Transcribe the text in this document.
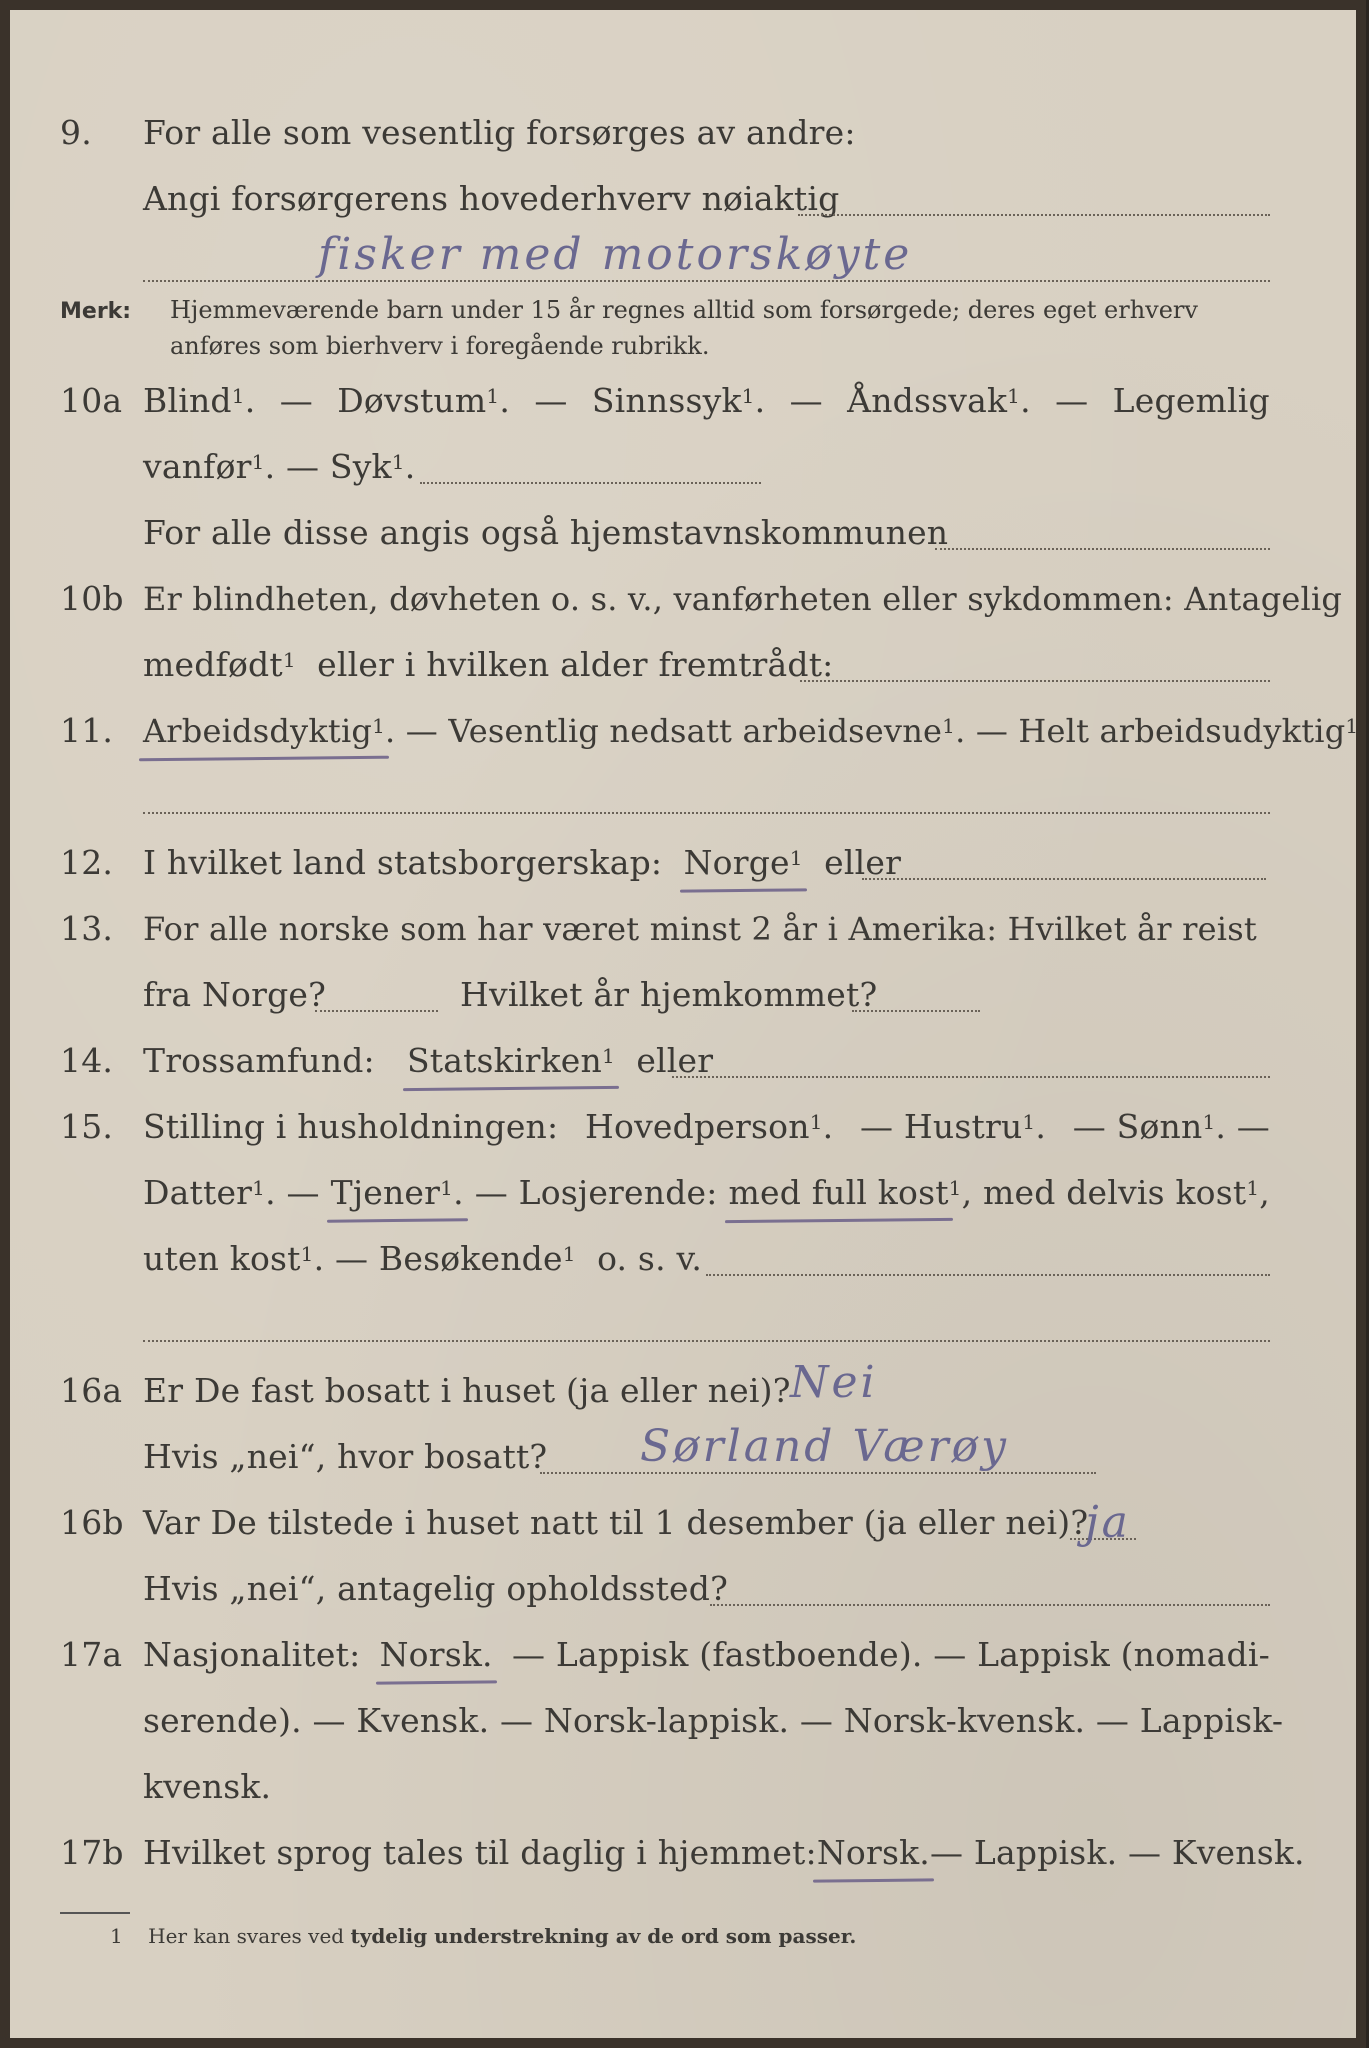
9. For alle som vesentlig forsørges av andre:
Angi forsørgerens hovederhverv nøiaktig
fisker med motorskøyte
Merk: Hjemmeværende barn under 15 år regnes alltid som forsørgede; deres eget erhverv
anføres som bierhverv i foregående rubrikk.
10a Blind$^1$. — Døvstum$^1$. — Sinnssyk$^1$. — Åndssvak$^1$. — Legemlig
vanfør$^1$. — Syk$^1$.
For alle disse angis også hjemstavnskommunen
10b Er blindheten, døvheten o. s. v., vanførheten eller sykdommen: Antagelig
medfødt$^1$ eller i hvilken alder fremtrådt:
11. Arbeidsdyktig$^1$. — Vesentlig nedsatt arbeidsevne$^1$. — Helt arbeidsudyktig$^1$.
12. I hvilket land statsborgerskap: Norge$^1$ eller
13. For alle norske som har været minst 2 år i Amerika: Hvilket år reist
fra Norge?	Hvilket år hjemkommet?
14. Trossamfund: Statskirken$^1$ eller
15. Stilling i husholdningen: Hovedperson$^1$. — Hustru$^1$. — Sønn$^1$. —
Datter$^1$. — Tjener$^1$. — Losjerende: med full kost$^1$, med delvis kost$^1$,
uten kost$^1$. — Besøkende$^1$ o. s. v.
16a Er De fast bosatt i huset (ja eller nei)? Nei
Hvis „nei“, hvor bosatt? Sørland Værøy
16b Var De tilstede i huset natt til 1 desember (ja eller nei)?
ja
Hvis „nei“, antagelig opholdssted?
17a Nasjonalitet: Norsk. — Lappisk (fastboende). — Lappisk (nomadi-
serende). — Kvensk. — Norsk-lappisk. — Norsk-kvensk. — Lappisk-
kvensk.
17b Hvilket sprog tales til daglig i hjemmet: Norsk. — Lappisk. — Kvensk.
1 Her kan svares ved tydelig understrekning av de ord som passer.
